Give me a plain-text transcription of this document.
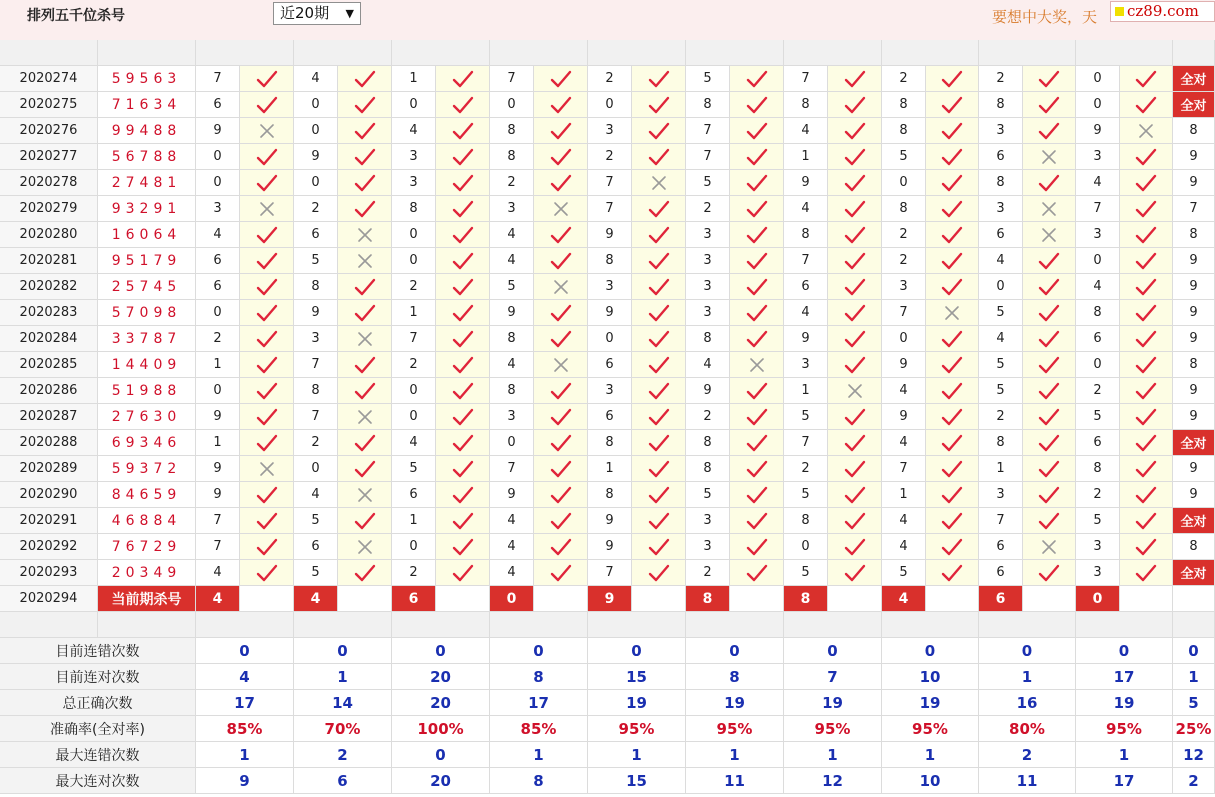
排列五千位杀号	近20期 ▼	要想中大奖，天	cz89.com
2020274	59563	7	4	1	7	2	5	7	2	2	0	全对
2020275	71634	6	0	0	0	0	8	8	8	8	0	全对
2020276	99488	9	0	4	8	3	7	4	8	3	9	8
2020277	56788	0	9	3	8	2	7	1	5	6	3	9
2020278	27481	0	0	3	2	7	5	9	0	8	4	9
2020279	93291	3	2	8	3	7	2	4	8	3	7	7
2020280	16064	4	6	0	4	9	3	8	2	6	3	8
2020281	95179	6	5	0	4	8	3	7	2	4	0	9
2020282	25745	6	8	2	5	3	3	6	3	0	4	9
2020283	57098	0	9	1	9	9	3	4	7	5	8	9
2020284	33787	2	3	7	8	0	8	9	0	4	6	9
2020285	14409	1	7	2	4	6	4	3	9	5	0	8
2020286	51988	0	8	0	8	3	9	1	4	5	2	9
2020287	27630	9	7	0	3	6	2	5	9	2	5	9
2020288	69346	1	2	4	0	8	8	7	4	8	6	全对
2020289	59372	9	0	5	7	1	8	2	7	1	8	9
2020290	84659	9	4	6	9	8	5	5	1	3	2	9
2020291	46884	7	5	1	4	9	3	8	4	7	5	全对
2020292	76729	7	6	0	4	9	3	0	4	6	3	8
2020293	20349	4	5	2	4	7	2	5	5	6	3	全对
2020294	当前期杀号	4	4	6	0	9	8	8	4	6	0
目前连错次数	0	0	0	0	0	0	0	0	0	0	0
目前连对次数	4	1	20	8	15	8	7	10	1	17	1
总正确次数	17	14	20	17	19	19	19	19	16	19	5
准确率(全对率)	85%	70%	100%	85%	95%	95%	95%	95%	80%	95%	25%
最大连错次数	1	2	0	1	1	1	1	1	2	1	12
最大连对次数	9	6	20	8	15	11	12	10	11	17	2
